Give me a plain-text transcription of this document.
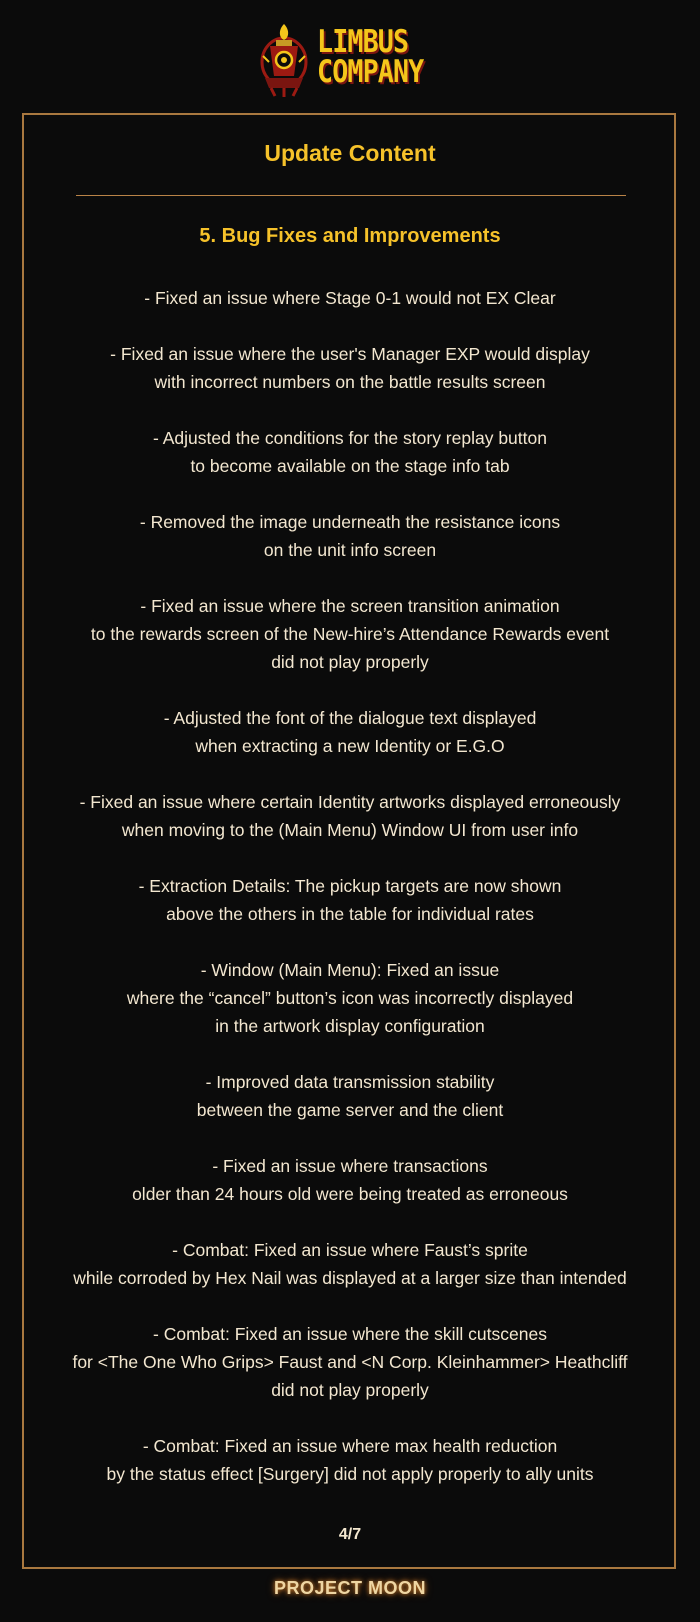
LIMBUS
COMPANY
Update Content
5. Bug Fixes and Improvements
- Fixed an issue where Stage 0-1 would not EX Clear
- Fixed an issue where the user's Manager EXP would display
with incorrect numbers on the battle results screen
- Adjusted the conditions for the story replay button
to become available on the stage info tab
- Removed the image underneath the resistance icons
on the unit info screen
- Fixed an issue where the screen transition animation
to the rewards screen of the New-hire’s Attendance Rewards event
did not play properly
- Adjusted the font of the dialogue text displayed
when extracting a new Identity or E.G.O
- Fixed an issue where certain Identity artworks displayed erroneously
when moving to the (Main Menu) Window UI from user info
- Extraction Details: The pickup targets are now shown
above the others in the table for individual rates
- Window (Main Menu): Fixed an issue
where the “cancel” button’s icon was incorrectly displayed
in the artwork display configuration
- Improved data transmission stability
between the game server and the client
- Fixed an issue where transactions
older than 24 hours old were being treated as erroneous
- Combat: Fixed an issue where Faust’s sprite
while corroded by Hex Nail was displayed at a larger size than intended
- Combat: Fixed an issue where the skill cutscenes
for <The One Who Grips> Faust and <N Corp. Kleinhammer> Heathcliff
did not play properly
- Combat: Fixed an issue where max health reduction
by the status effect [Surgery] did not apply properly to ally units
4/7
PROJECT MOON
